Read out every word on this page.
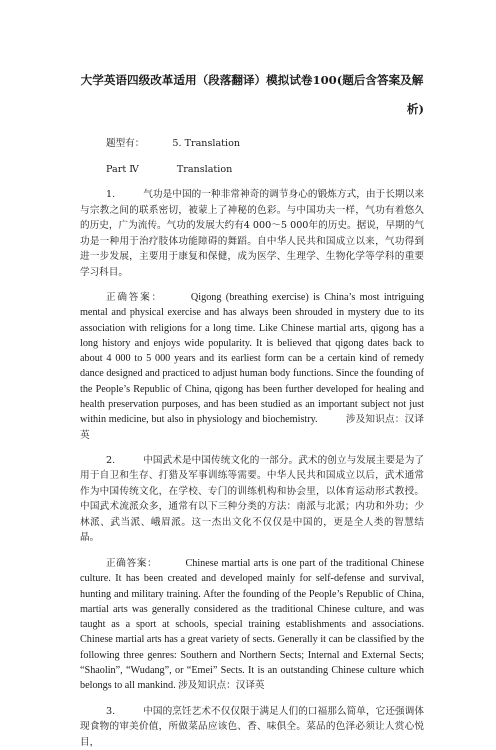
大学英语四级改革适用（段落翻译）模拟试卷100(题后含答案及解
析)
题型有：	5. Translation
Part Ⅳ	Translation

1.	气功是中国的一种非常神奇的调节身心的锻炼方式，由于长期以来与宗教之间的联系密切，被蒙上了神秘的色彩。与中国功夫一样，气功有着悠久的历史，广为流传。气功的发展大约有4 000～5 000年的历史。据说，早期的气功是一种用于治疗肢体功能障碍的舞蹈。自中华人民共和国成立以来，气功得到进一步发展，主要用于康复和保健，成为医学、生理学、生物化学等学科的重要学习科目。

正确答案：	Qigong (breathing exercise) is China’s most intriguing mental and physical exercise and has always been shrouded in mystery due to its association with religions for a long time. Like Chinese martial arts, qigong has a long history and enjoys wide popularity. It is believed that qigong dates back to about 4 000 to 5 000 years and its earliest form can be a certain kind of remedy dance designed and practiced to adjust human body functions. Since the founding of the People’s Republic of China, qigong has been further developed for healing and health preservation purposes, and has been studied as an important subject not just within medicine, but also in physiology and biochemistry.	涉及知识点：汉译英

2.	中国武术是中国传统文化的一部分。武术的创立与发展主要是为了用于自卫和生存、打猎及军事训练等需要。中华人民共和国成立以后，武术通常作为中国传统文化，在学校、专门的训练机构和协会里，以体育运动形式教授。中国武术流派众多，通常有以下三种分类的方法：南派与北派；内功和外功；少林派、武当派、峨眉派。这一杰出文化不仅仅是中国的，更是全人类的智慧结晶。

正确答案：	Chinese martial arts is one part of the traditional Chinese culture. It has been created and developed mainly for self-defense and survival, hunting and military training. After the founding of the People’s Republic of China, martial arts was generally considered as the traditional Chinese culture, and was taught as a sport at schools, special training establishments and associations. Chinese martial arts has a great variety of sects. Generally it can be classified by the following three genres: Southern and Northern Sects; Internal and External Sects; “Shaolin”, “Wudang”, or “Emei” Sects. It is an outstanding Chinese culture which belongs to all mankind. 涉及知识点：汉译英

3.	中国的烹饪艺术不仅仅限于满足人们的口福那么简单，它还强调体现食物的审美价值，所做菜品应该色、香、味俱全。菜品的色泽必须让人赏心悦目，
